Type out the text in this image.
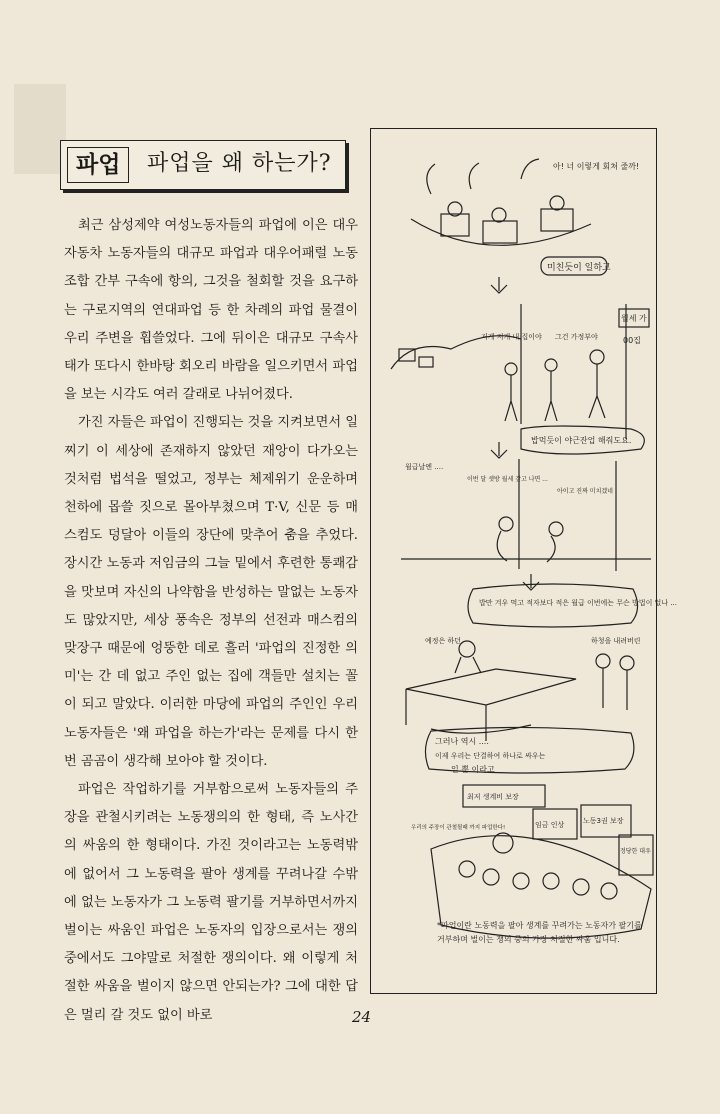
파업	파업을 왜 하는가?

최근 삼성제약 여성노동자들의 파업에 이은 대우자동차 노동자들의 대규모 파업과 대우어패럴 노동조합 간부 구속에 항의, 그것을 철회할 것을 요구하는 구로지역의 연대파업 등 한 차례의 파업 물결이 우리 주변을 휩쓸었다. 그에 뒤이은 대규모 구속사태가 또다시 한바탕 회오리 바람을 일으키면서 파업을 보는 시각도 여러 갈래로 나뉘어졌다.

가진 자들은 파업이 진행되는 것을 지켜보면서 일찌기 이 세상에 존재하지 않았던 재앙이 다가오는 것처럼 법석을 떨었고, 정부는 체제위기 운운하며 천하에 몹쓸 짓으로 몰아부쳤으며 T·V, 신문 등 매스컴도 덩달아 이들의 장단에 맞추어 춤을 추었다. 장시간 노동과 저임금의 그늘 밑에서 후련한 통쾌감을 맛보며 자신의 나약함을 반성하는 말없는 노동자도 많았지만, 세상 풍속은 정부의 선전과 매스컴의 맞장구 때문에 엉뚱한 데로 흘러 '파업의 진정한 의미'는 간 데 없고 주인 없는 집에 객들만 설치는 꼴이 되고 말았다. 이러한 마당에 파업의 주인인 우리 노동자들은 '왜 파업을 하는가'라는 문제를 다시 한번 곰곰이 생각해 보아야 할 것이다.

파업은 작업하기를 거부함으로써 노동자들의 주장을 관철시키려는 노동쟁의의 한 형태, 즉 노사간의 싸움의 한 형태이다. 가진 것이라고는 노동력밖에 없어서 그 노동력을 팔아 생계를 꾸려나갈 수밖에 없는 노동자가 그 노동력 팔기를 거부하면서까지 벌이는 싸움인 파업은 노동자의 입장으로서는 쟁의 중에서도 그야말로 처절한 쟁의이다. 왜 이렇게 처절한 싸움을 벌이지 않으면 안되는가? 그에 대한 답은 멀리 갈 것도 없이 바로

아! 너 이렇게 회쳐 줄까!
미친듯이 일하고
저게 저게 내 집이야 그건 가정부야
월세 가
00집
밥먹듯이 야근잔업 해줘도요.
월급날엔 ....
이번 달 셋방 월세 갚고 나면 ...
아이고 진짜 미치겠네
밥만 겨우 먹고 적자보다 적은 월급 이번에는 무슨 방법이 없나 ...
예정은 하던	하청을 내려버린
그러나 역시 ....
이제 우리는 단결하여 하나로 싸우는
일 뿐 이라고
최저 생계비 보장
임금 인상	노동3권 보장
정당한 대우
우리의 주장이 관철될때 까지 파업한다!
*파업이란 노동력을 팔아 생계를 꾸려가는 노동자가 팔기를 거부하며 벌이는 쟁의 중의 가장 처절한 싸움 입니다.
24
